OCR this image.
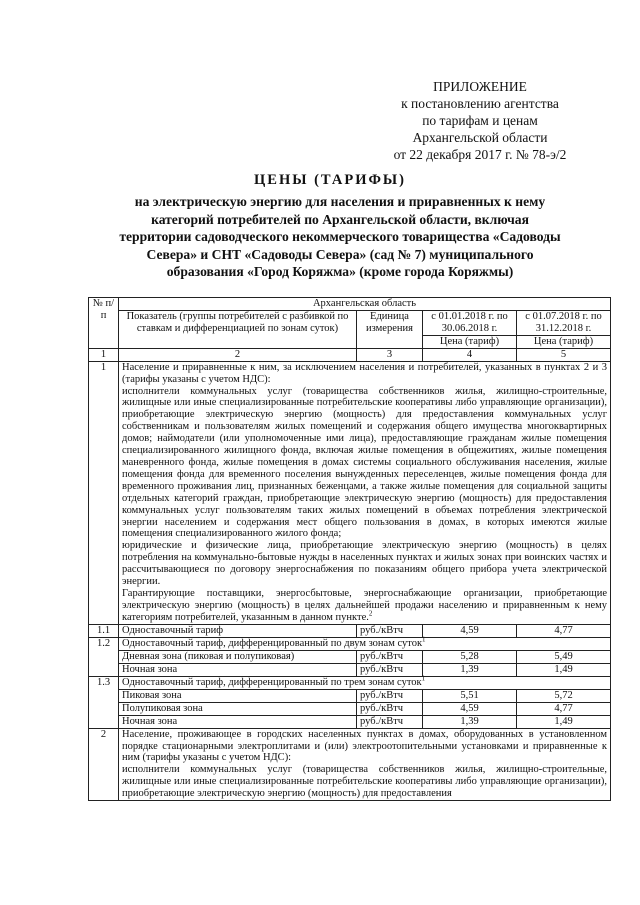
ПРИЛОЖЕНИЕ
к постановлению агентства
по тарифам и ценам
Архангельской области
от 22 декабря 2017 г. № 78-э/2
ЦЕНЫ (ТАРИФЫ)
на электрическую энергию для населения и приравненных к нему
категорий потребителей по Архангельской области, включая
территории садоводческого некоммерческого товарищества «Садоводы
Севера» и СНТ «Садоводы Севера» (сад № 7) муниципального
образования «Город Коряжма» (кроме города Коряжмы)
№ п/п	Архангельская область			
	Показатель (группы потребителей с разбивкой по ставкам и дифференциацией по зонам суток)	Единица измерения	с 01.01.2018 г. по 30.06.2018 г.	с 01.07.2018 г. по 31.12.2018 г.
			Цена (тариф)	Цена (тариф)
1	2	3	4	5
1	Население и приравненные к ним, за исключением населения и потребителей, указанных в пунктах 2 и 3 (тарифы указаны с учетом НДС):

исполнители коммунальных услуг (товарищества собственников жилья, жилищно-строительные, жилищные или иные специализированные потребительские кооперативы либо управляющие организации), приобретающие электрическую энергию (мощность) для предоставления коммунальных услуг собственникам и пользователям жилых помещений и содержания общего имущества многоквартирных домов; наймодатели (или уполномоченные ими лица), предоставляющие гражданам жилые помещения специализированного жилищного фонда, включая жилые помещения в общежитиях, жилые помещения маневренного фонда, жилые помещения в домах системы социального обслуживания населения, жилые помещения фонда для временного поселения вынужденных переселенцев, жилые помещения фонда для временного проживания лиц, признанных беженцами, а также жилые помещения для социальной защиты отдельных категорий граждан, приобретающие электрическую энергию (мощность) для предоставления коммунальных услуг пользователям таких жилых помещений в объемах потребления электрической энергии населением и содержания мест общего пользования в домах, в которых имеются жилые помещения специализированного жилого фонда;

юридические и физические лица, приобретающие электрическую энергию (мощность) в целях потребления на коммунально-бытовые нужды в населенных пунктах и жилых зонах при воинских частях и рассчитывающиеся по договору энергоснабжения по показаниям общего прибора учета электрической энергии.

Гарантирующие поставщики, энергосбытовые, энергоснабжающие организации, приобретающие электрическую энергию (мощность) в целях дальнейшей продажи населению и приравненным к нему категориям потребителей, указанным в данном пункте.$^2$

1.1	Одноставочный тариф	руб./кВтч	4,59	4,77
1.2	Одноставочный тариф, дифференцированный по двум зонам суток$^1$
	Дневная зона (пиковая и полупиковая)	руб./кВтч	5,28	5,49
	Ночная зона	руб./кВтч	1,39	1,49
1.3	Одноставочный тариф, дифференцированный по трем зонам суток$^1$
	Пиковая зона	руб./кВтч	5,51	5,72
	Полупиковая зона	руб./кВтч	4,59	4,77
	Ночная зона	руб./кВтч	1,39	1,49
2	Население, проживающее в городских населенных пунктах в домах, оборудованных в установленном порядке стационарными электроплитами и (или) электроотопительными установками и приравненные к ним (тарифы указаны с учетом НДС):

исполнители коммунальных услуг (товарищества собственников жилья, жилищно-строительные, жилищные или иные специализированные потребительские кооперативы либо управляющие организации), приобретающие электрическую энергию (мощность) для предоставления			
